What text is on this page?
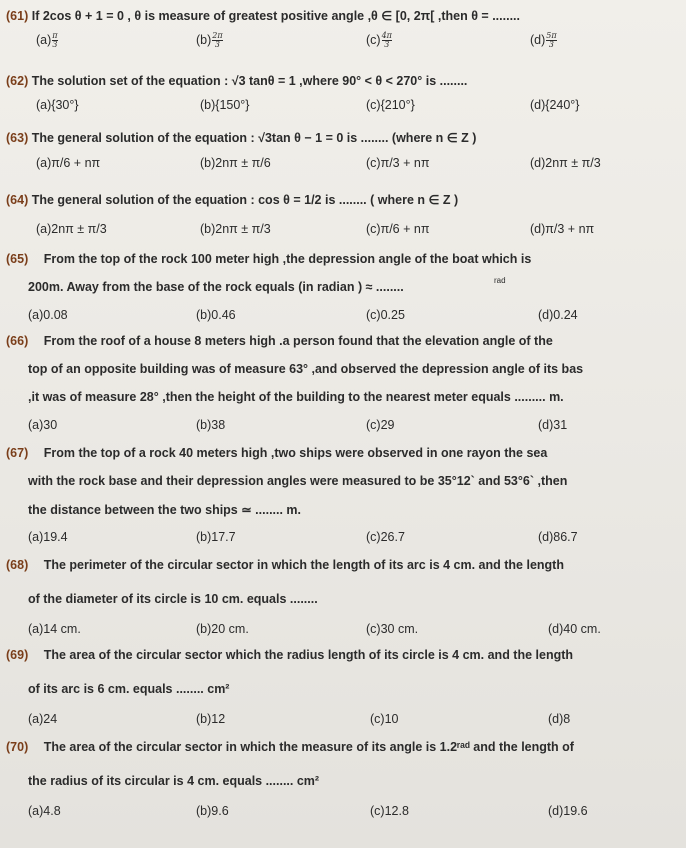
(61) If 2cos θ + 1 = 0 , θ is measure of greatest positive angle ,θ ∈ [0, 2π[ ,then θ = ........
$(a) \frac{\pi}{3}$	$(b) \frac{2\pi}{3}$	$(c) \frac{4\pi}{3}$	$(d) \frac{5\pi}{3}$
(62) The solution set of the equation : √3 tanθ = 1 ,where 90° < θ < 270° is ........
(a){30°}	(b){150°}	(c){210°}	(d){240°}
(63) The general solution of the equation : √3tan θ − 1 = 0 is ........ (where n ∈ Z )
(a)π/6 + nπ	(b)2nπ ± π/6	(c)π/3 + nπ	(d)2nπ ± π/3
(64) The general solution of the equation : cos θ = 1/2 is ........ ( where n ∈ Z )
(a)2nπ ± π/3	(b)2nπ ± π/3	(c)π/6 + nπ	(d)π/3 + nπ
(65) From the top of the rock 100 meter high ,the depression angle of the boat which is
200m. Away from the base of the rock equals (in radian ) ≈ ........	rad
(a)0.08	(b)0.46	(c)0.25	(d)0.24
(66) From the roof of a house 8 meters high .a person found that the elevation angle of the
top of an opposite building was of measure 63° ,and observed the depression angle of its bas
,it was of measure 28° ,then the height of the building to the nearest meter equals ......... m.
(a)30	(b)38	(c)29	(d)31
(67) From the top of a rock 40 meters high ,two ships were observed in one rayon the sea
with the rock base and their depression angles were measured to be 35°12` and 53°6` ,then
the distance between the two ships ≃ ........ m.
(a)19.4	(b)17.7	(c)26.7	(d)86.7
(68) The perimeter of the circular sector in which the length of its arc is 4 cm. and the length
of the diameter of its circle is 10 cm. equals ........
(a)14 cm.	(b)20 cm.	(c)30 cm.	(d)40 cm.
(69) The area of the circular sector which the radius length of its circle is 4 cm. and the length
of its arc is 6 cm. equals ........ cm²
(a)24	(b)12	(c)10	(d)8
(70) The area of the circular sector in which the measure of its angle is 1.2ʳᵃᵈ and the length of
the radius of its circular is 4 cm. equals ........ cm²
(a)4.8	(b)9.6	(c)12.8	(d)19.6
